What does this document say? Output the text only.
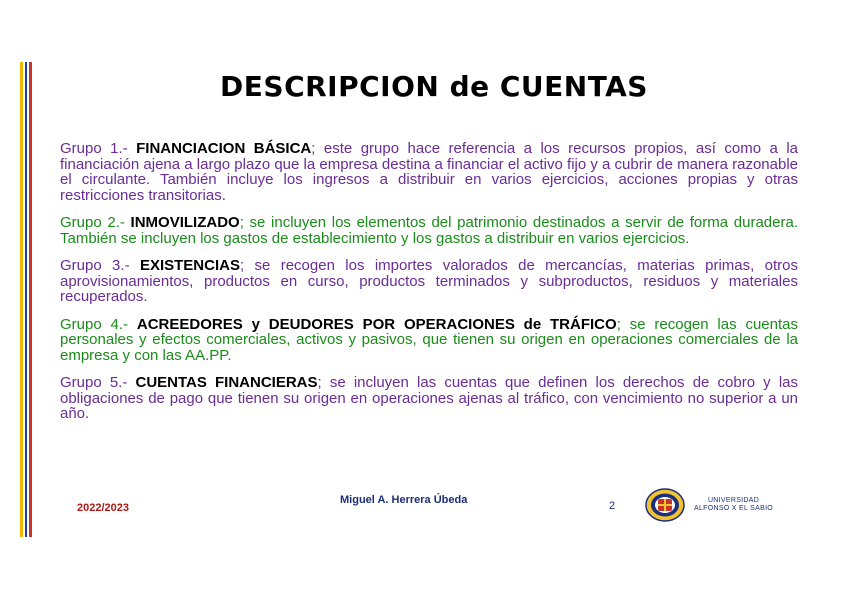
DESCRIPCION de CUENTAS

Grupo 1.- FINANCIACION BÁSICA; este grupo hace referencia a los recursos propios, así como a la financiación ajena a largo plazo que la empresa destina a financiar el activo fijo y a cubrir de manera razonable el circulante. También incluye los ingresos a distribuir en varios ejercicios, acciones propias y otras restricciones transitorias.

Grupo 2.- INMOVILIZADO; se incluyen los elementos del patrimonio destinados a servir de forma duradera. También se incluyen los gastos de establecimiento y los gastos a distribuir en varios ejercicios.

Grupo 3.- EXISTENCIAS; se recogen los importes valorados de mercancías, materias primas, otros aprovisionamientos, productos en curso, productos terminados y subproductos, residuos y materiales recuperados.

Grupo 4.- ACREEDORES y DEUDORES POR OPERACIONES de TRÁFICO; se recogen las cuentas personales y efectos comerciales, activos y pasivos, que tienen su origen en operaciones comerciales de la empresa y con las AA.PP.

Grupo 5.- CUENTAS FINANCIERAS; se incluyen las cuentas que definen los derechos de cobro y las obligaciones de pago que tienen su origen en operaciones ajenas al tráfico, con vencimiento no superior a un año.

2022/2023
Miguel A. Herrera Úbeda	2	UNIVERSIDAD
ALFONSO X EL SABIO
